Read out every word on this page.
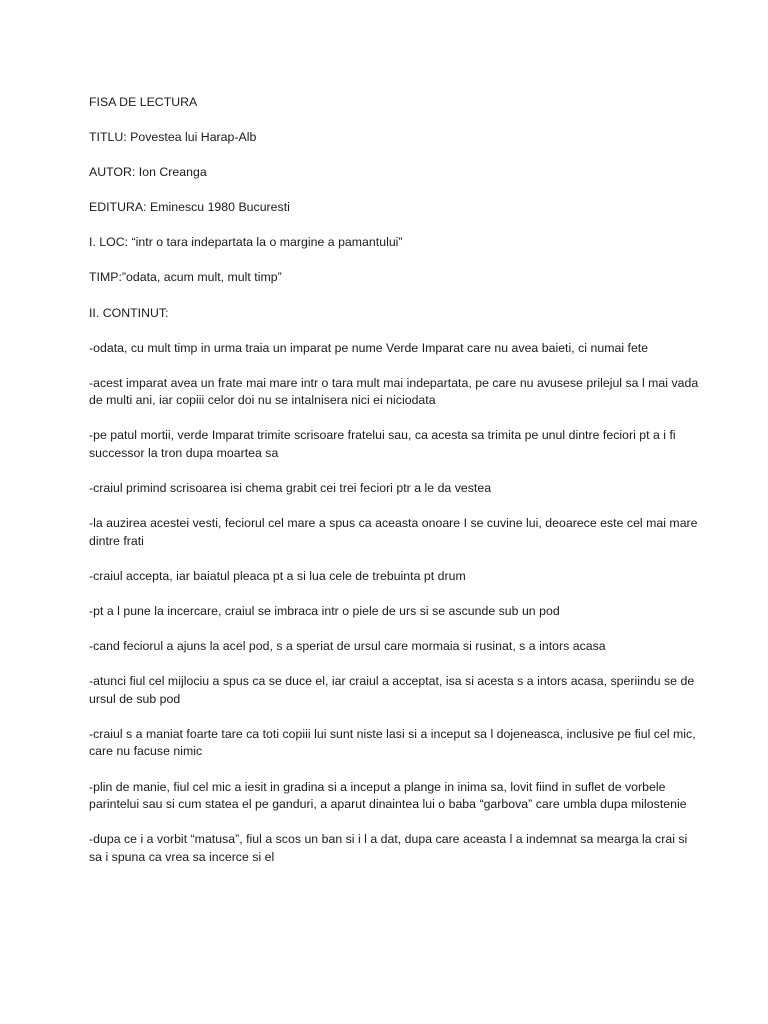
FISA DE LECTURA

TITLU: Povestea lui Harap-Alb

AUTOR: Ion Creanga

EDITURA: Eminescu 1980 Bucuresti

I. LOC: “intr o tara indepartata la o margine a pamantului”

TIMP:”odata, acum mult, mult timp”

II. CONTINUT:

-odata, cu mult timp in urma traia un imparat pe nume Verde Imparat care nu avea baieti, ci numai fete

-acest imparat avea un frate mai mare intr o tara mult mai indepartata, pe care nu avusese prilejul sa l mai vada de multi ani, iar copiii celor doi nu se intalnisera nici ei niciodata

-pe patul mortii, verde Imparat trimite scrisoare fratelui sau, ca acesta sa trimita pe unul dintre feciori pt a i fi successor la tron dupa moartea sa

-craiul primind scrisoarea isi chema grabit cei trei feciori ptr a le da vestea

-la auzirea acestei vesti, feciorul cel mare a spus ca aceasta onoare I se cuvine lui, deoarece este cel mai mare dintre frati

-craiul accepta, iar baiatul pleaca pt a si lua cele de trebuinta pt drum

-pt a l pune la incercare, craiul se imbraca intr o piele de urs si se ascunde sub un pod

-cand feciorul a ajuns la acel pod, s a speriat de ursul care mormaia si rusinat, s a intors acasa

-atunci fiul cel mijlociu a spus ca se duce el, iar craiul a acceptat, isa si acesta s a intors acasa, speriindu se de ursul de sub pod

-craiul s a maniat foarte tare ca toti copiii lui sunt niste lasi si a inceput sa l dojeneasca, inclusive pe fiul cel mic, care nu facuse nimic

-plin de manie, fiul cel mic a iesit in gradina si a inceput a plange in inima sa, lovit fiind in suflet de vorbele parintelui sau si cum statea el pe ganduri, a aparut dinaintea lui o baba “garbova” care umbla dupa milostenie

-dupa ce i a vorbit “matusa”, fiul a scos un ban si i l a dat, dupa care aceasta l a indemnat sa mearga la crai si sa i spuna ca vrea sa incerce si el
